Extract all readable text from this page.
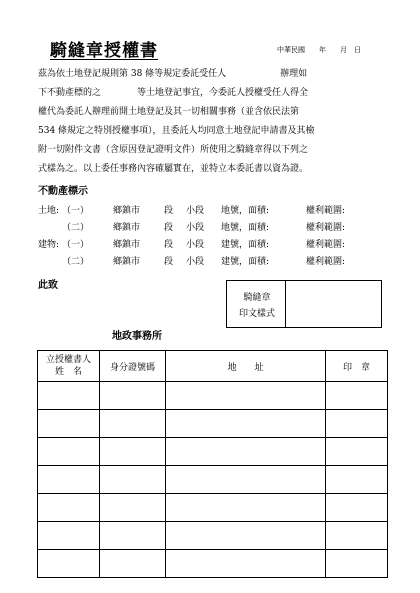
騎縫章授權書	中華民國　　年　　月　日
茲為依土地登記規則第 38 條等規定委託受任人　　　　　　辦理如
下不動產標的之　　　　等土地登記事宜，今委託人授權受任人得全
權代為委託人辦理前開土地登記及其一切相關事務（並含依民法第
534 條規定之特別授權事項），且委託人均同意土地登記申請書及其檢
附一切附件文書（含原因登記證明文件）所使用之騎縫章得以下列之
式樣為之。以上委任事務內容確屬實在，並特立本委託書以資為證。
不動產標示
土地: （一）	鄉鎮市	段 小段 地號，面積:	權利範圍:
（二）	鄉鎮市	段 小段 地號，面積:	權利範圍:
建物: （一）	鄉鎮市	段 小段 建號，面積:	權利範圍:
（二）	鄉鎮市	段 小段 建號，面積:	權利範圍:
此致
騎縫章
印文樣式
地政事務所
立授權書人
姓　名	身分證號碼	地　　址	印　章
